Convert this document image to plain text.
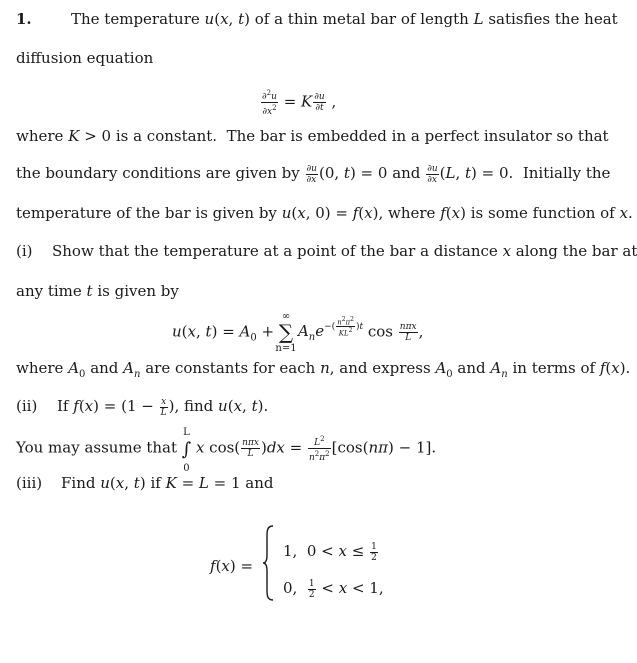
1.	The temperature u(x, t) of a thin metal bar of length L satisfies the heat
diffusion equation
$\frac{\partial^2u}{\partial x^2} = K \frac{\partial u}{\partial t}$ ,
where K > 0 is a constant.  The bar is embedded in a perfect insulator so that
the boundary conditions are given by $\frac{\partial u}{\partial x} (0$, t) = 0 and $\frac{\partial u}{\partial x} (L$, t) = 0.  Initially the
temperature of the bar is given by u(x, 0) = f(x), where f(x) is some function of x.
(i) Show that the temperature at a point of the bar a distance x along the bar at
any time t is given by
u(x, $t) = A_0$ + ∑
∞
n=1
$A_ne^{-( \frac{n^2\pi^2}{KL^2} )t}$ $\cos \frac{\text{nπx}}{L}$ ,
where $A_0$ and $A_n$ are constants for each n, and express $A_0$ and $A_n$ in terms of f(x).
(ii) If $f(x) = (1 - \frac{x}{L}$ ), find u(x, t).
You may assume that ∫
L
0
x $\cos( \frac{\text{nπx}}{L} )dx = \frac{L^2}{n^2\pi^2} [\cos(n\pi) - 1]$.
(iii) Find u(x, t) if K = L = 1 and
f(x) =
1,  $0 < x \le \frac{1}{2}$
0, $\frac{1}{2} < x < 1$,
